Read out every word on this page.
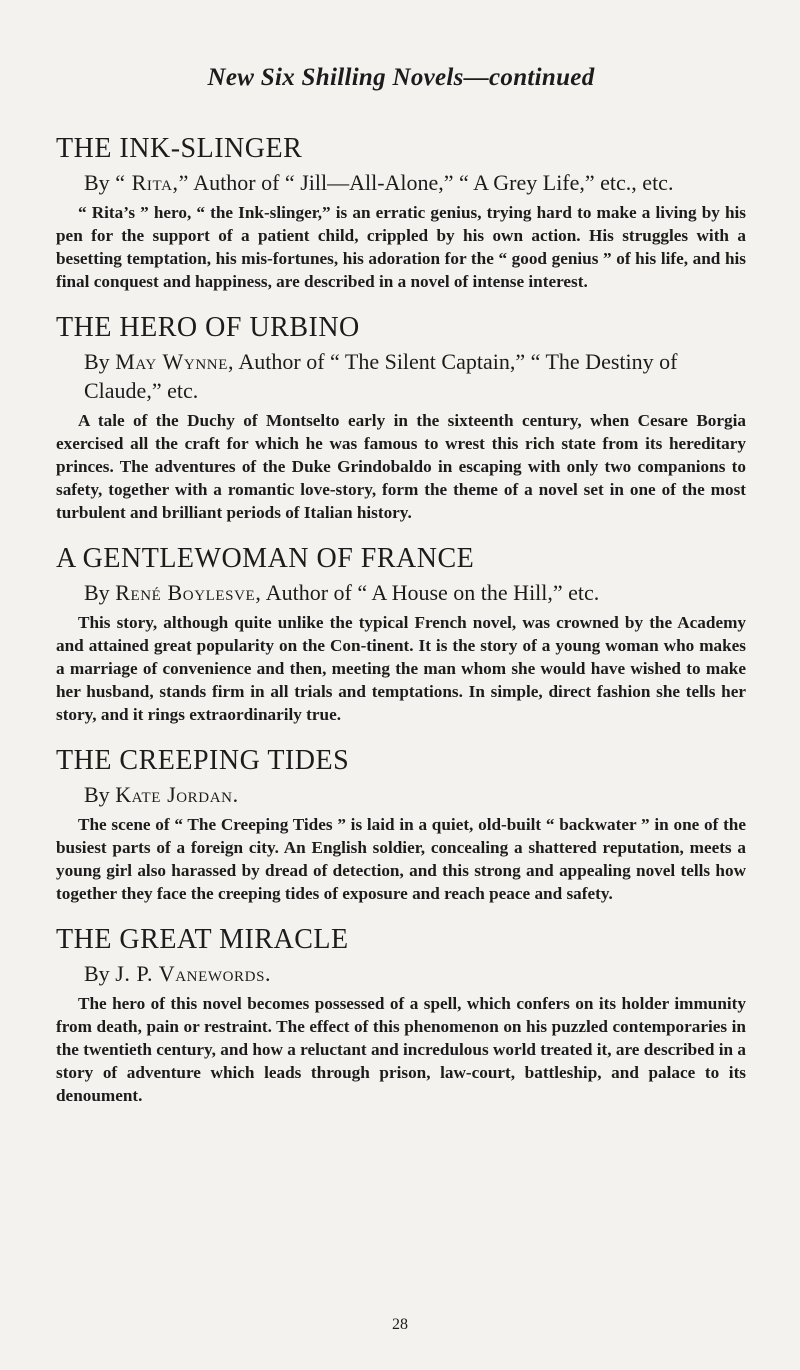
New Six Shilling Novels—continued
THE INK-SLINGER
By “ Rita,” Author of “ Jill—All-Alone,” “ A Grey Life,” etc., etc.

“ Rita’s ” hero, “ the Ink-slinger,” is an erratic genius, trying hard to make a living by his pen for the support of a patient child, crippled by his own action. His struggles with a besetting temptation, his mis-fortunes, his adoration for the “ good genius ” of his life, and his final conquest and happiness, are described in a novel of intense interest.

THE HERO OF URBINO
By May Wynne, Author of “ The Silent Captain,” “ The Destiny of Claude,” etc.

A tale of the Duchy of Montselto early in the sixteenth century, when Cesare Borgia exercised all the craft for which he was famous to wrest this rich state from its hereditary princes. The adventures of the Duke Grindobaldo in escaping with only two companions to safety, together with a romantic love-story, form the theme of a novel set in one of the most turbulent and brilliant periods of Italian history.

A GENTLEWOMAN OF FRANCE
By René Boylesve, Author of “ A House on the Hill,” etc.

This story, although quite unlike the typical French novel, was crowned by the Academy and attained great popularity on the Con-tinent. It is the story of a young woman who makes a marriage of convenience and then, meeting the man whom she would have wished to make her husband, stands firm in all trials and temptations. In simple, direct fashion she tells her story, and it rings extraordinarily true.

THE CREEPING TIDES
By Kate Jordan.

The scene of “ The Creeping Tides ” is laid in a quiet, old-built “ backwater ” in one of the busiest parts of a foreign city. An English soldier, concealing a shattered reputation, meets a young girl also harassed by dread of detection, and this strong and appealing novel tells how together they face the creeping tides of exposure and reach peace and safety.

THE GREAT MIRACLE
By J. P. Vanewords.

The hero of this novel becomes possessed of a spell, which confers on its holder immunity from death, pain or restraint. The effect of this phenomenon on his puzzled contemporaries in the twentieth century, and how a reluctant and incredulous world treated it, are described in a story of adventure which leads through prison, law-court, battleship, and palace to its denoument.

28
